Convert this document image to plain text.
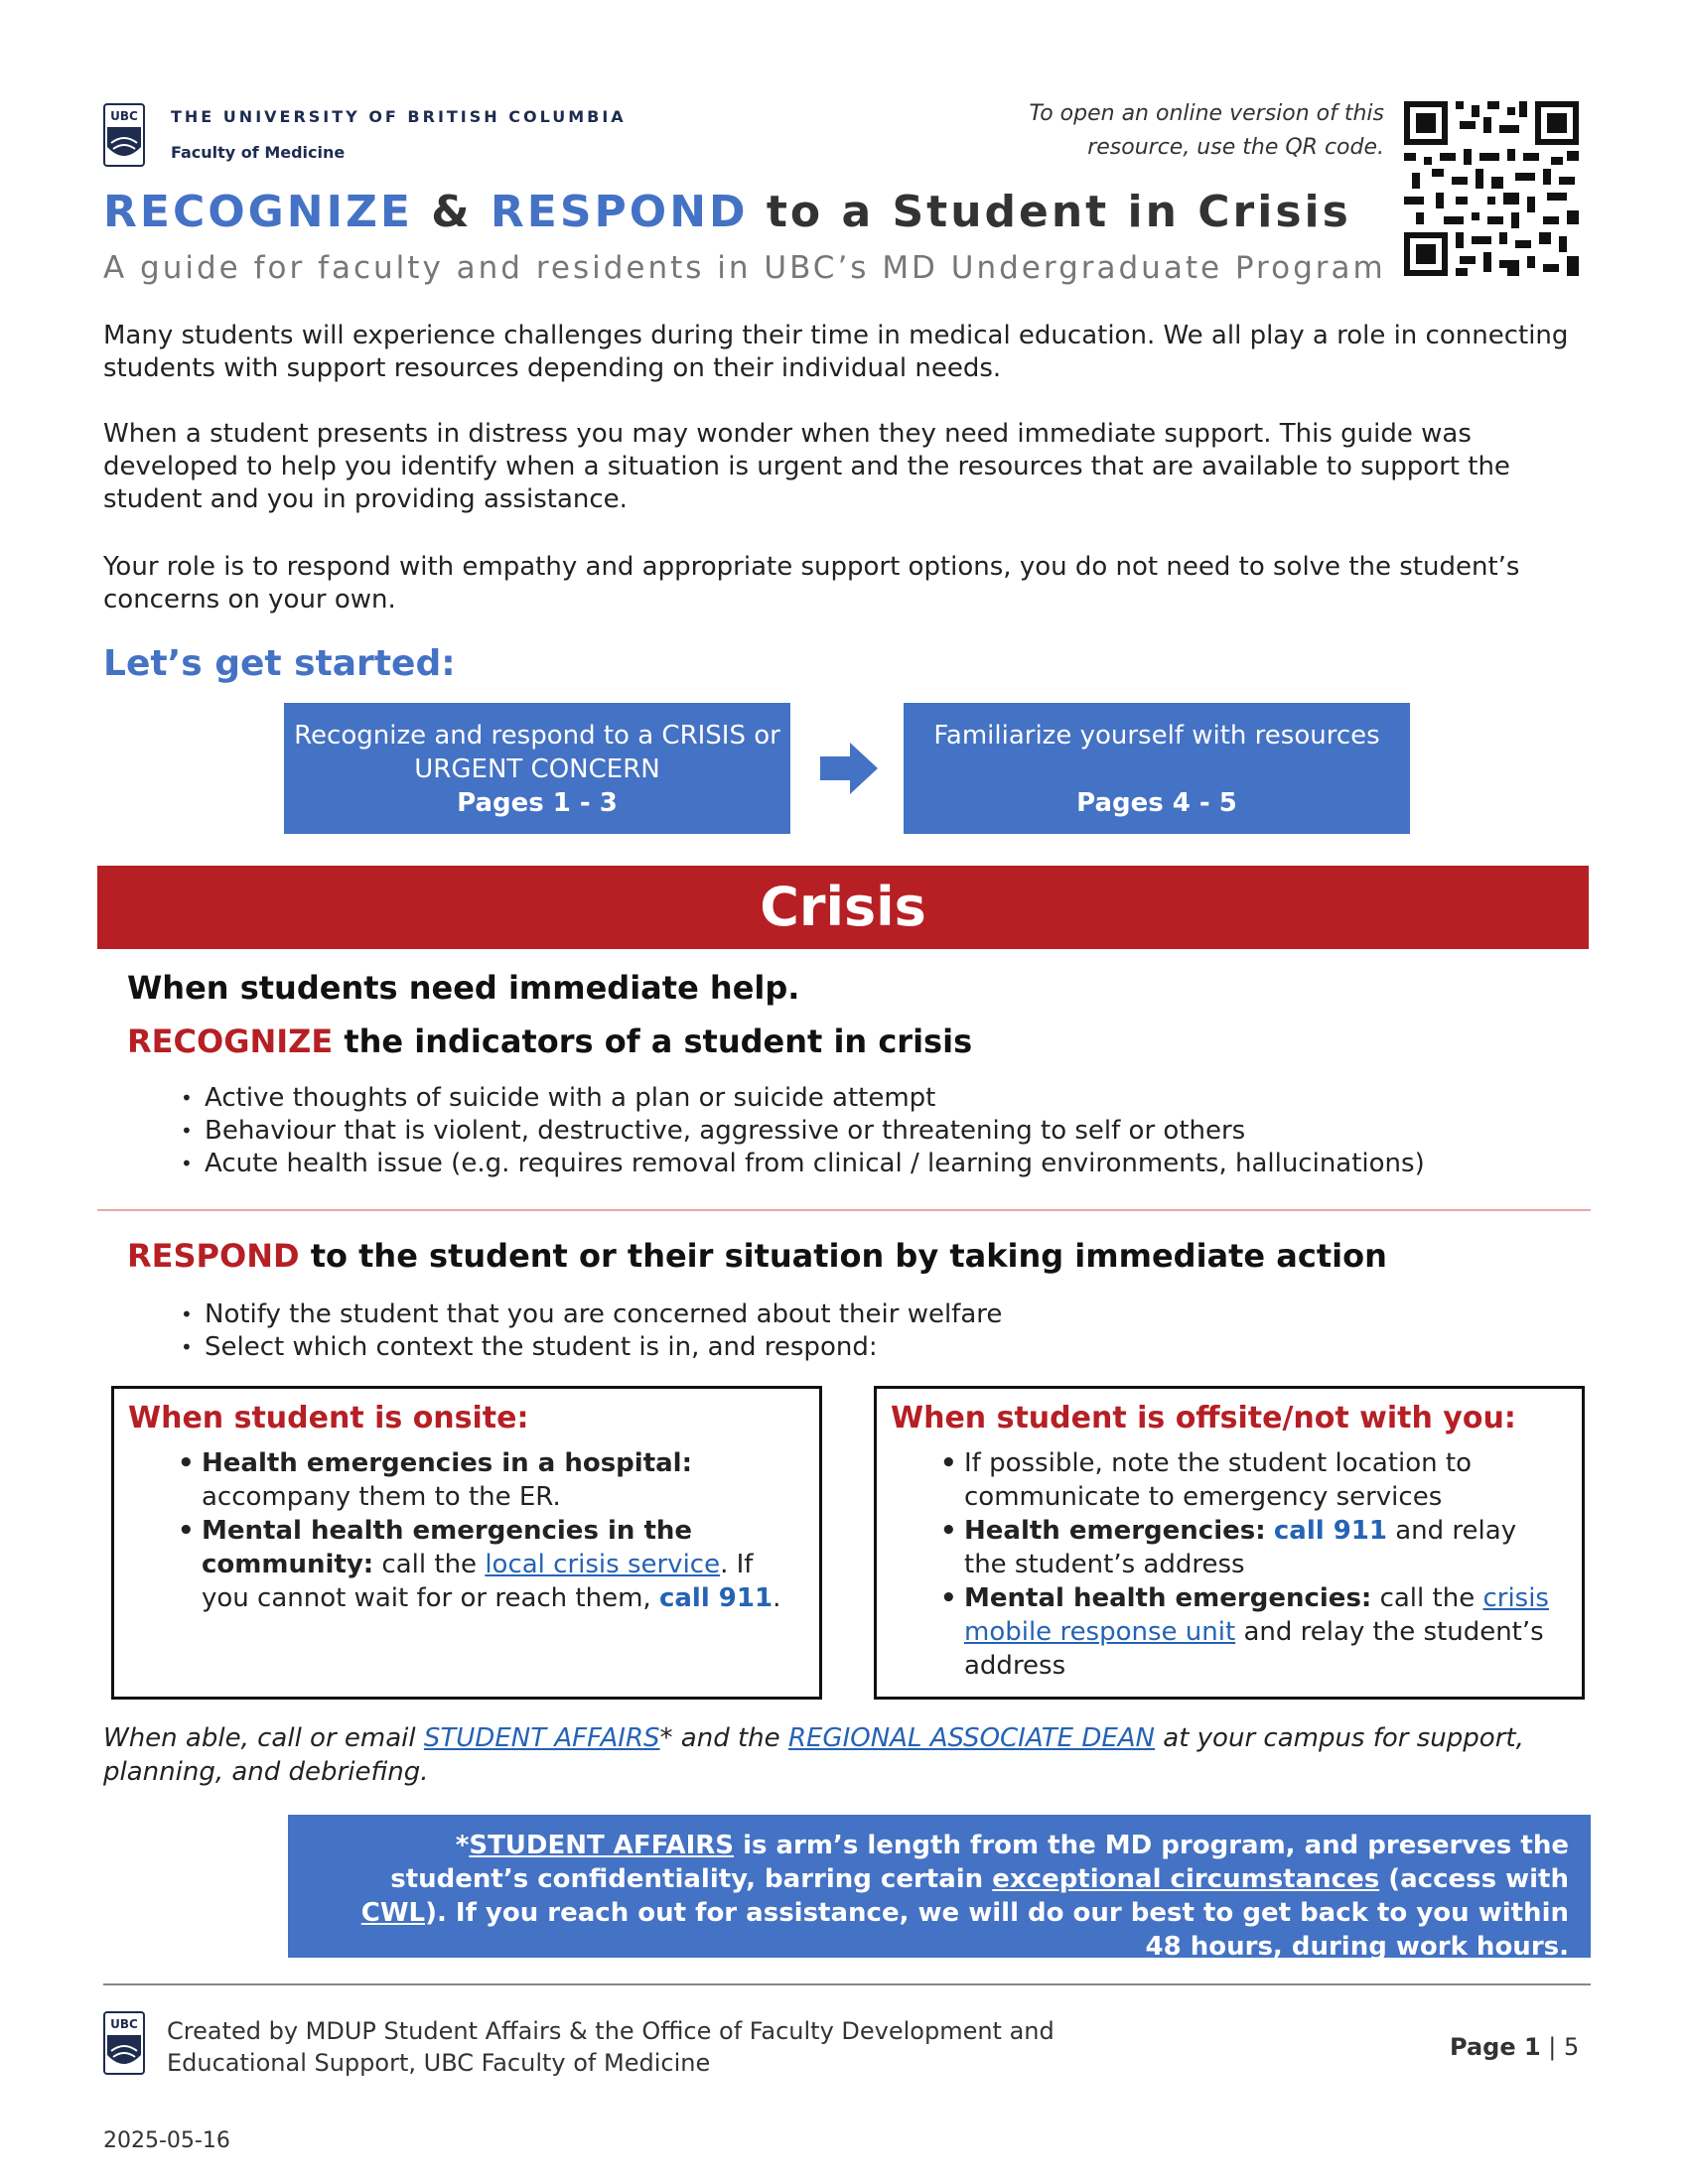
UBC THE UNIVERSITY OF BRITISH COLUMBIA
Faculty of Medicine
To open an online version of this resource, use the QR code.
RECOGNIZE & RESPOND to a Student in Crisis
A guide for faculty and residents in UBC’s MD Undergraduate Program
Many students will experience challenges during their time in medical education. We all play a role in connecting students with support resources depending on their individual needs.
When a student presents in distress you may wonder when they need immediate support. This guide was developed to help you identify when a situation is urgent and the resources that are available to support the student and you in providing assistance.
Your role is to respond with empathy and appropriate support options, you do not need to solve the student’s concerns on your own.
Let’s get started:
Recognize and respond to a CRISIS or
URGENT CONCERN
Pages 1 - 3
Familiarize yourself with resources
Pages 4 - 5
Crisis
When students need immediate help.
RECOGNIZE the indicators of a student in crisis
• Active thoughts of suicide with a plan or suicide attempt
• Behaviour that is violent, destructive, aggressive or threatening to self or others
• Acute health issue (e.g. requires removal from clinical / learning environments, hallucinations)
RESPOND to the student or their situation by taking immediate action
• Notify the student that you are concerned about their welfare
• Select which context the student is in, and respond:
When student is onsite:
• Health emergencies in a hospital: accompany them to the ER.
• Mental health emergencies in the community: call the local crisis service. If you cannot wait for or reach them, call 911.
When student is offsite/not with you:
• If possible, note the student location to communicate to emergency services
• Health emergencies: call 911 and relay the student’s address
• Mental health emergencies: call the crisis mobile response unit and relay the student’s address
When able, call or email STUDENT AFFAIRS* and the REGIONAL ASSOCIATE DEAN at your campus for support, planning, and debriefing.
*STUDENT AFFAIRS is arm’s length from the MD program, and preserves the student’s confidentiality, barring certain exceptional circumstances (access with CWL). If you reach out for assistance, we will do our best to get back to you within 48 hours, during work hours.
UBC Created by MDUP Student Affairs & the Office of Faculty Development and Educational Support, UBC Faculty of Medicine
Page 1 | 5
2025-05-16
